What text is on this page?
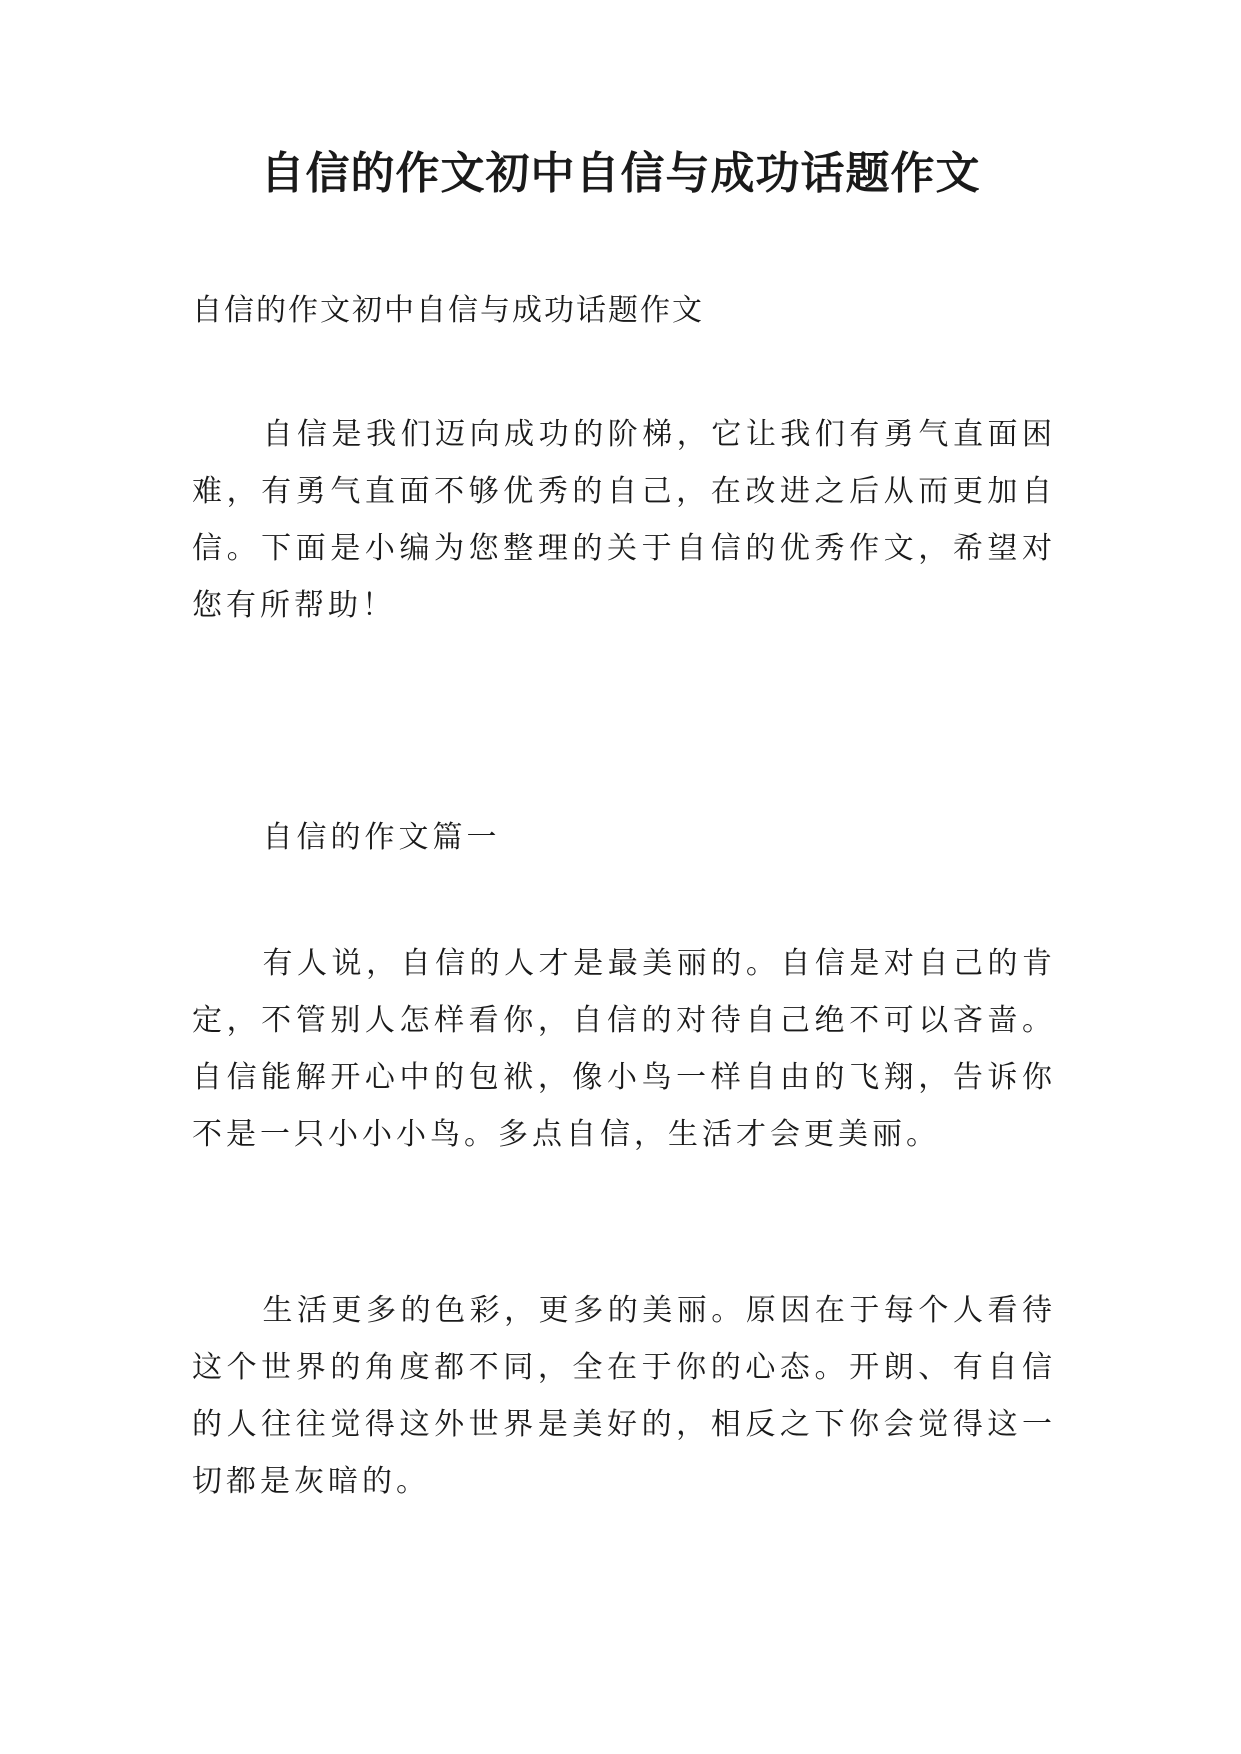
自信的作文初中自信与成功话题作文

自信的作文初中自信与成功话题作文

自信是我们迈向成功的阶梯，它让我们有勇气直面困难，有勇气直面不够优秀的自己，在改进之后从而更加自信。下面是小编为您整理的关于自信的优秀作文，希望对您有所帮助！

自信的作文篇一

有人说，自信的人才是最美丽的。自信是对自己的肯定，不管别人怎样看你，自信的对待自己绝不可以吝啬。自信能解开心中的包袱，像小鸟一样自由的飞翔，告诉你不是一只小小小鸟。多点自信，生活才会更美丽。

生活更多的色彩，更多的美丽。原因在于每个人看待这个世界的角度都不同，全在于你的心态。开朗、有自信的人往往觉得这外世界是美好的，相反之下你会觉得这一切都是灰暗的。
